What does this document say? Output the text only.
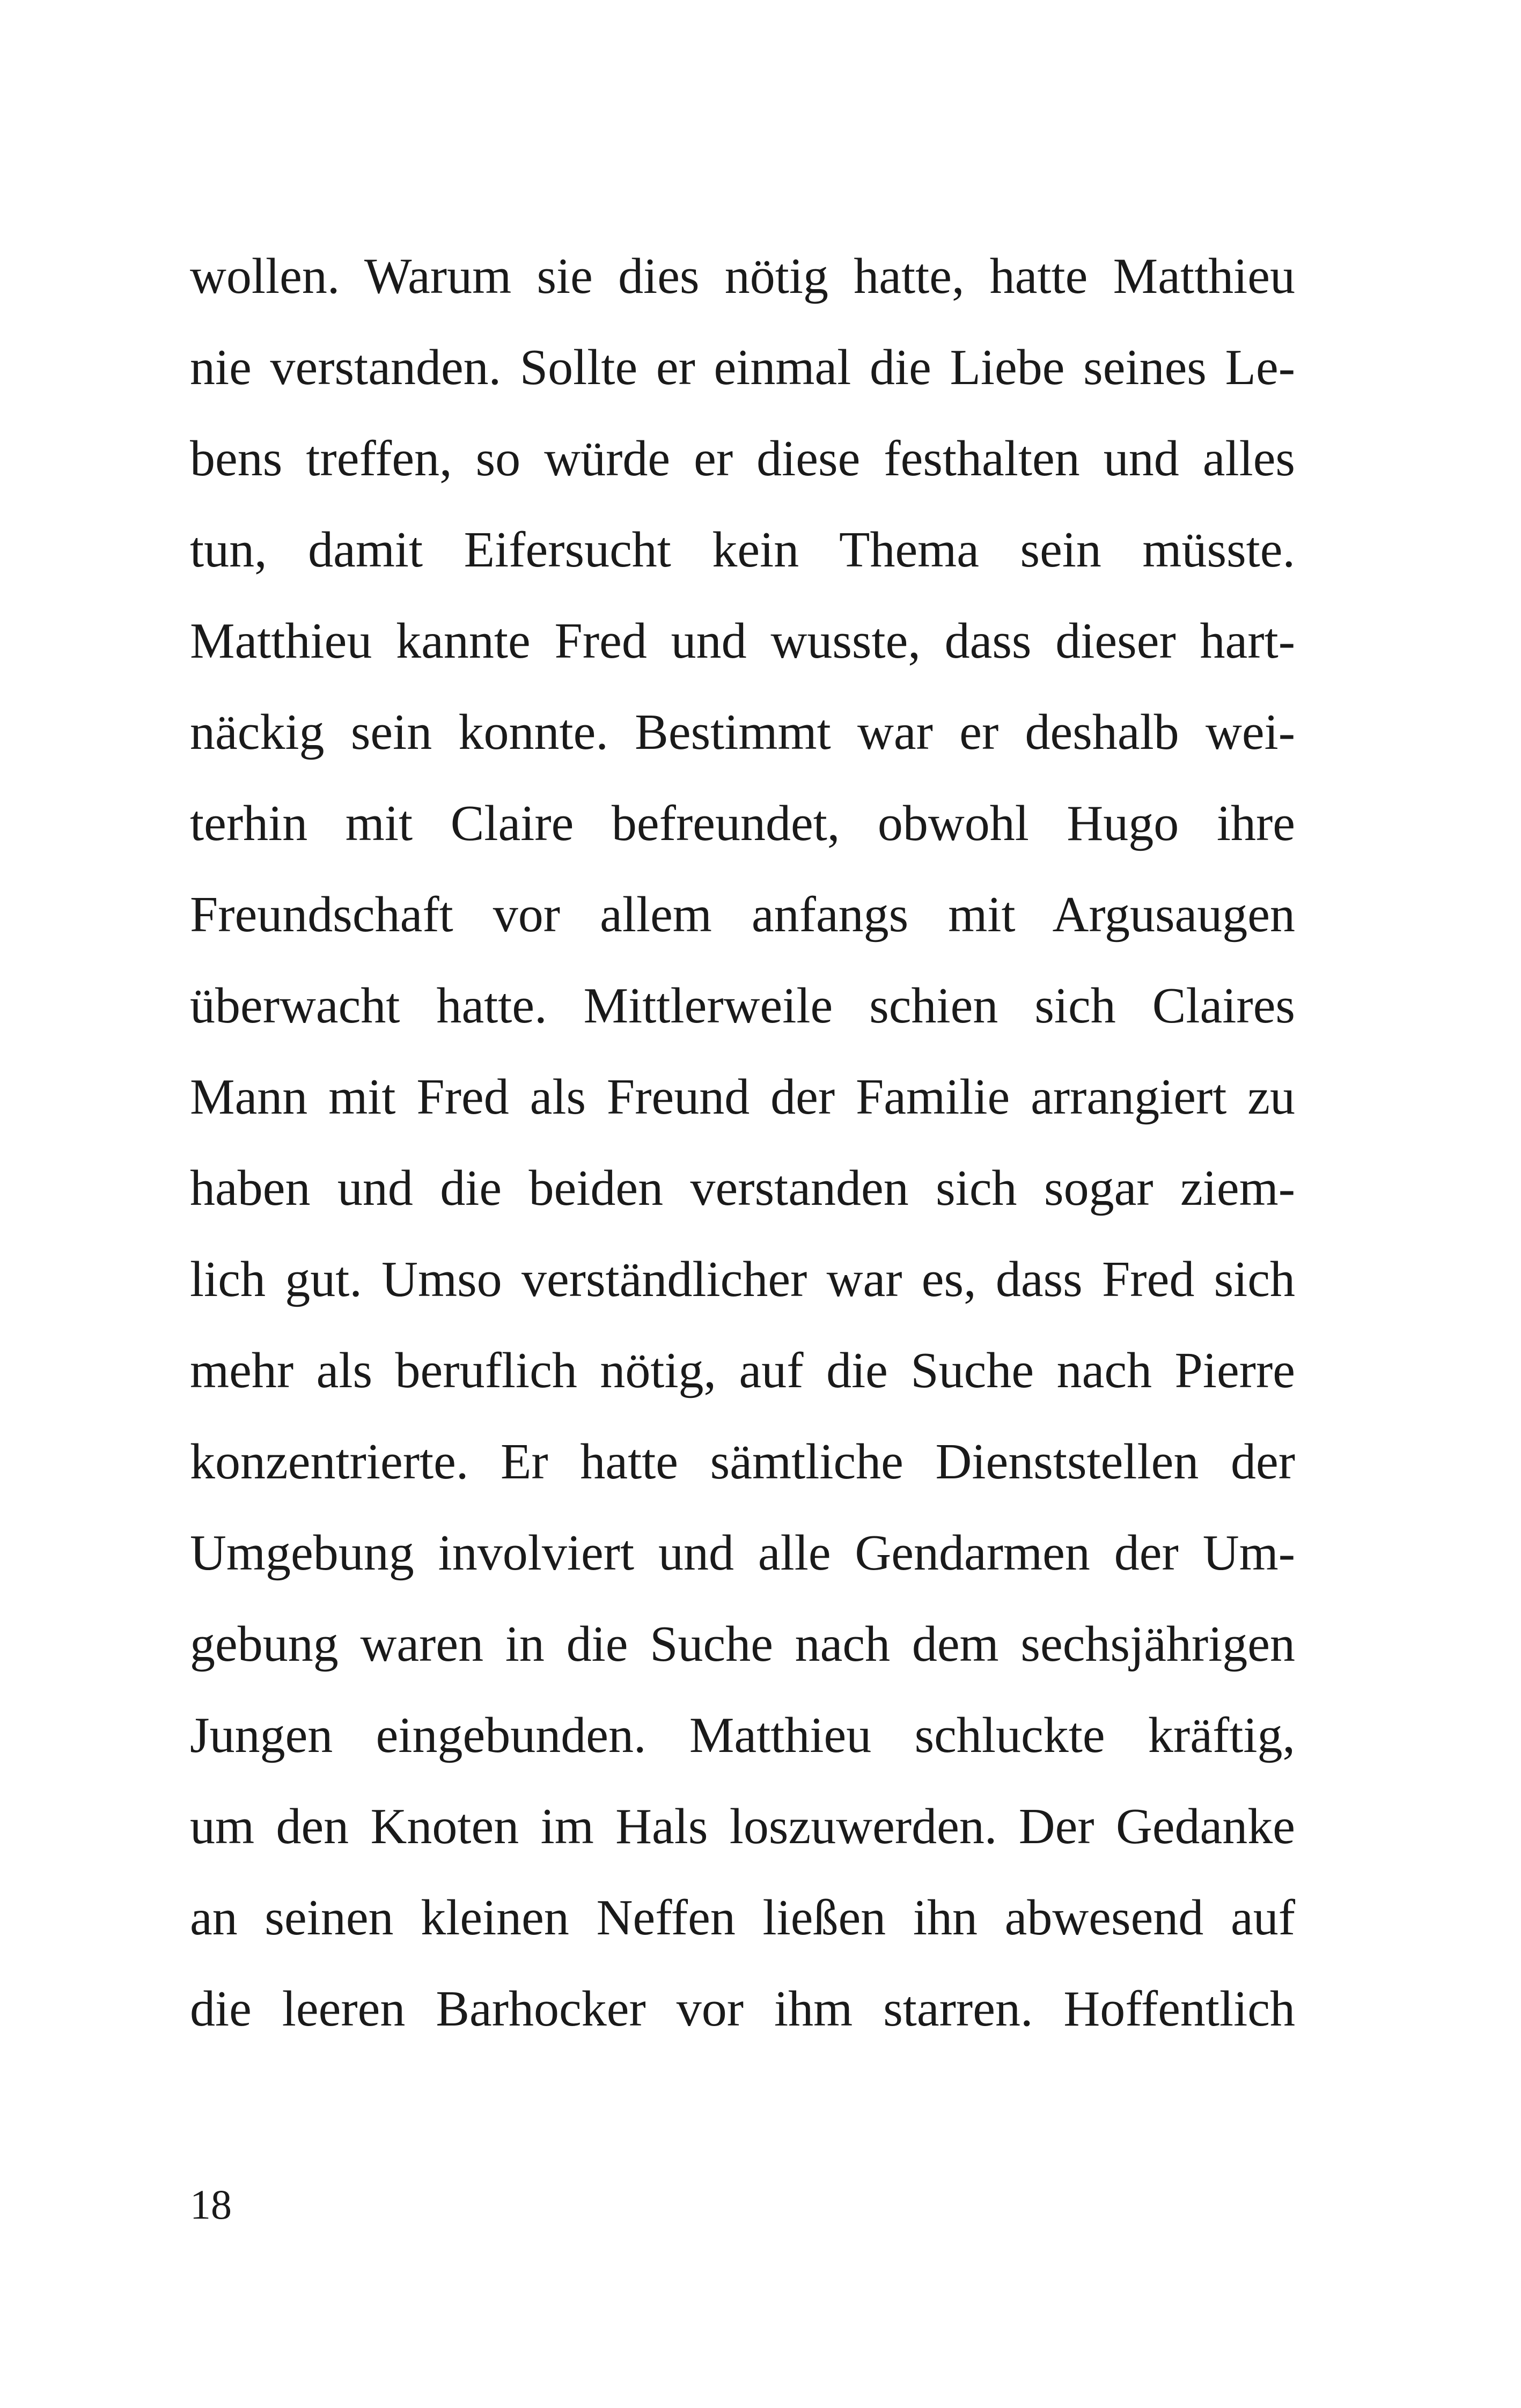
wollen. Warum sie dies nötig hatte, hatte Matthieu
nie verstanden. Sollte er einmal die Liebe seines Le-
bens treffen, so würde er diese festhalten und alles
tun, damit Eifersucht kein Thema sein müsste.
Matthieu kannte Fred und wusste, dass dieser hart-
näckig sein konnte. Bestimmt war er deshalb wei-
terhin mit Claire befreundet, obwohl Hugo ihre
Freundschaft vor allem anfangs mit Argusaugen
überwacht hatte. Mittlerweile schien sich Claires
Mann mit Fred als Freund der Familie arrangiert zu
haben und die beiden verstanden sich sogar ziem-
lich gut. Umso verständlicher war es, dass Fred sich
mehr als beruflich nötig, auf die Suche nach Pierre
konzentrierte. Er hatte sämtliche Dienststellen der
Umgebung involviert und alle Gendarmen der Um-
gebung waren in die Suche nach dem sechsjährigen
Jungen eingebunden. Matthieu schluckte kräftig,
um den Knoten im Hals loszuwerden. Der Gedanke
an seinen kleinen Neffen ließen ihn abwesend auf
die leeren Barhocker vor ihm starren. Hoffentlich
18
